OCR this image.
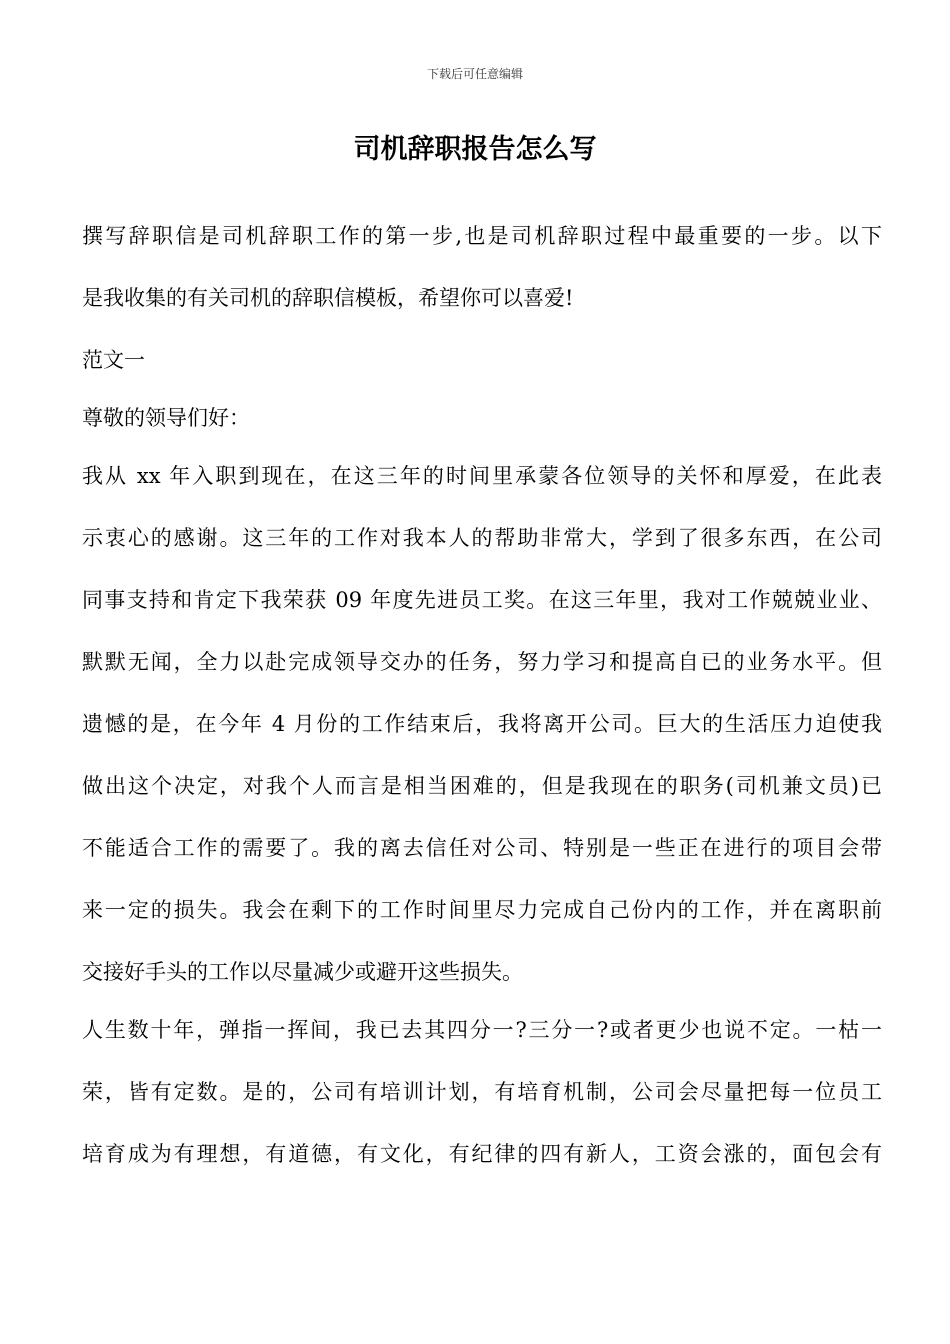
下载后可任意编辑
司机辞职报告怎么写
撰写辞职信是司机辞职工作的第一步,也是司机辞职过程中最重要的一步。以下
是我收集的有关司机的辞职信模板，希望你可以喜爱!
范文一
尊敬的领导们好：
我从 xx 年入职到现在，在这三年的时间里承蒙各位领导的关怀和厚爱，在此表
示衷心的感谢。这三年的工作对我本人的帮助非常大，学到了很多东西，在公司
同事支持和肯定下我荣获 09 年度先进员工奖。在这三年里，我对工作兢兢业业、
默默无闻，全力以赴完成领导交办的任务，努力学习和提高自已的业务水平。但
遗憾的是，在今年 4 月份的工作结束后，我将离开公司。巨大的生活压力迫使我
做出这个决定，对我个人而言是相当困难的，但是我现在的职务(司机兼文员)已
不能适合工作的需要了。我的离去信任对公司、特别是一些正在进行的项目会带
来一定的损失。我会在剩下的工作时间里尽力完成自己份内的工作，并在离职前
交接好手头的工作以尽量减少或避开这些损失。
人生数十年，弹指一挥间，我已去其四分一?三分一?或者更少也说不定。一枯一
荣，皆有定数。是的，公司有培训计划，有培育机制，公司会尽量把每一位员工
培育成为有理想，有道德，有文化，有纪律的四有新人，工资会涨的，面包会有
